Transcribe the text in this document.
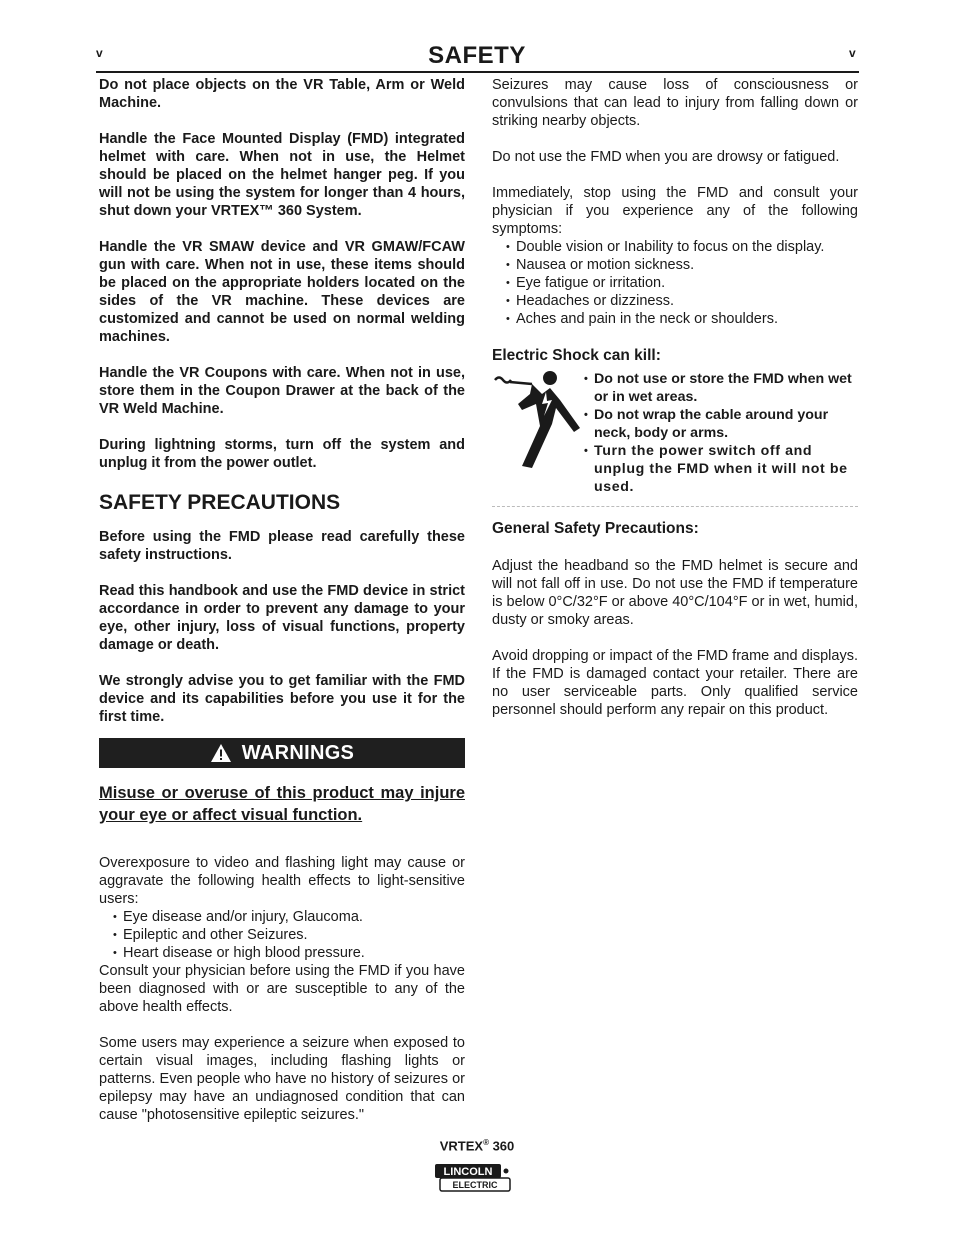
v	v
SAFETY

Do not place objects on the VR Table, Arm or Weld Machine.

Handle the Face Mounted Display (FMD) integrated helmet with care. When not in use, the Helmet should be placed on the helmet hanger peg. If you will not be using the system for longer than 4 hours, shut down your VRTEX™ 360 System.

Handle the VR SMAW device and VR GMAW/FCAW gun with care. When not in use, these items should be placed on the appropriate holders located on the sides of the VR machine. These devices are customized and cannot be used on normal welding machines.

Handle the VR Coupons with care. When not in use, store them in the Coupon Drawer at the back of the VR Weld Machine.

During lightning storms, turn off the system and unplug it from the power outlet.

SAFETY PRECAUTIONS

Before using the FMD please read carefully these safety instructions.

Read this handbook and use the FMD device in strict accordance in order to prevent any damage to your eye, other injury, loss of visual functions, property damage or death.

We strongly advise you to get familiar with the FMD device and its capabilities before you use it for the first time.

WARNINGS
Misuse or overuse of this product may injure your eye or affect visual function.

Overexposure to video and flashing light may cause or aggravate the following health effects to light-sensitive users:

• Eye disease and/or injury, Glaucoma.
• Epileptic and other Seizures.
• Heart disease or high blood pressure.

Consult your physician before using the FMD if you have been diagnosed with or are susceptible to any of the above health effects.

Some users may experience a seizure when exposed to certain visual images, including flashing lights or patterns. Even people who have no history of seizures or epilepsy may have an undiagnosed condition that can cause "photosensitive epileptic seizures."

Seizures may cause loss of consciousness or convulsions that can lead to injury from falling down or striking nearby objects.

Do not use the FMD when you are drowsy or fatigued.

Immediately, stop using the FMD and consult your physician if you experience any of the following symptoms:

• Double vision or Inability to focus on the display.
• Nausea or motion sickness.
• Eye fatigue or irritation.
• Headaches or dizziness.
• Aches and pain in the neck or shoulders.
Electric Shock can kill:
• Do not use or store the FMD when wet or in wet areas.
• Do not wrap the cable around your neck, body or arms.
• Turn the power switch off and unplug the FMD when it will not be used.
General Safety Precautions:

Adjust the headband so the FMD helmet is secure and will not fall off in use. Do not use the FMD if temperature is below 0°C/32°F or above 40°C/104°F or in wet, humid, dusty or smoky areas.

Avoid dropping or impact of the FMD frame and displays. If the FMD is damaged contact your retailer. There are no user serviceable parts. Only qualified service personnel should perform any repair on this product.

VRTEX® 360
LINCOLN
ELECTRIC
